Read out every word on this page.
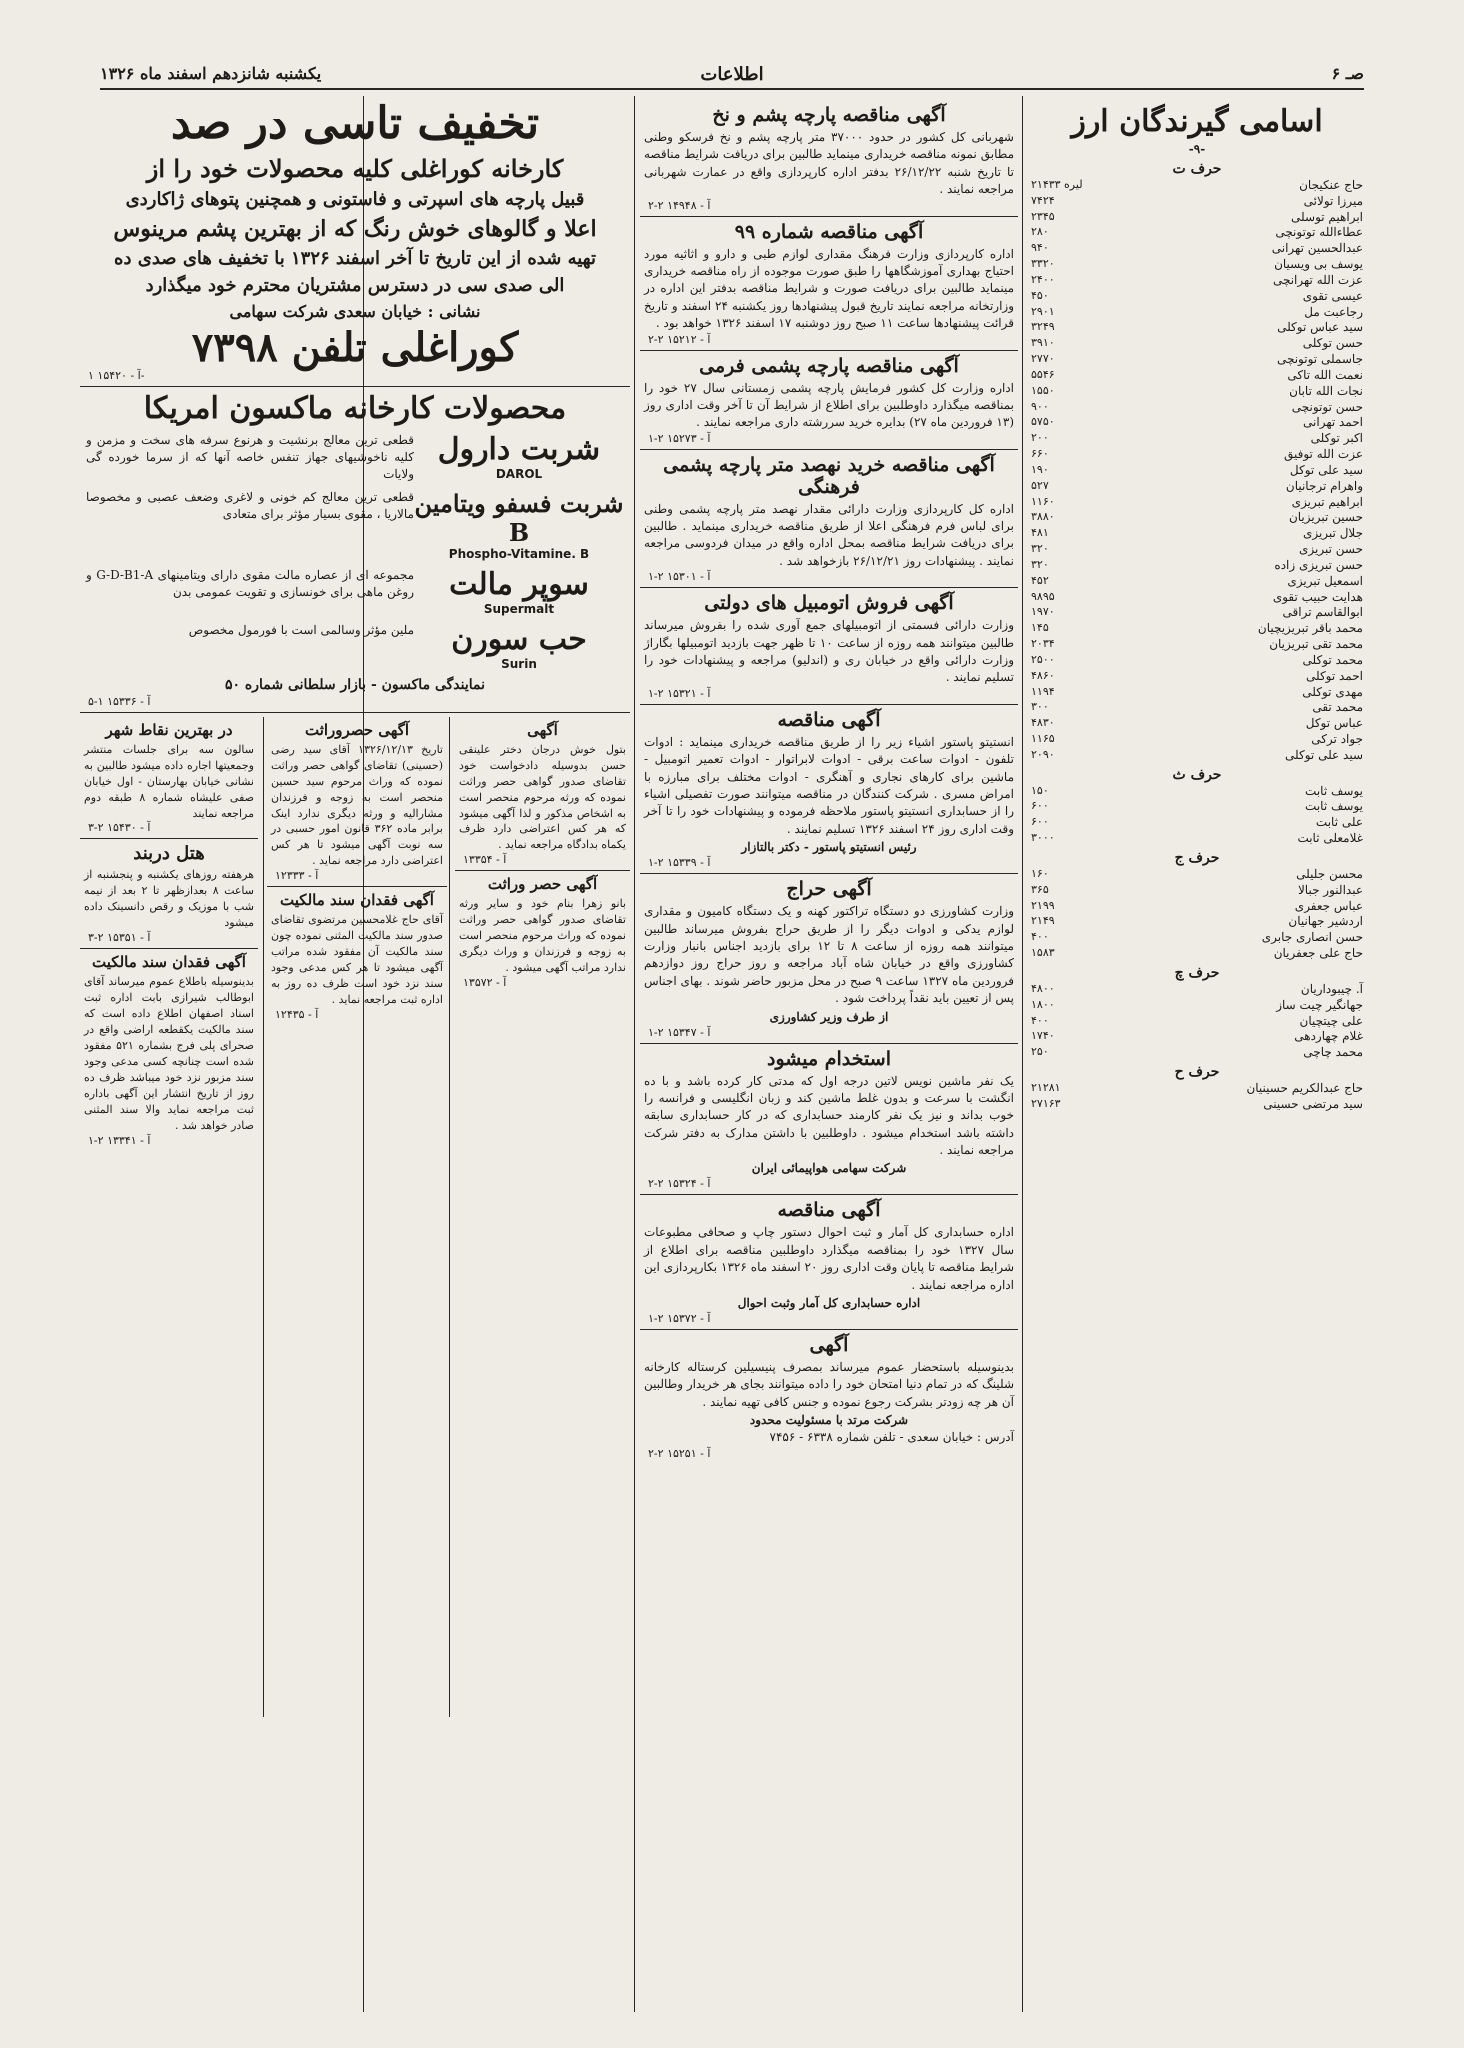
صـ ۶
اطلاعات
یکشنبه شانزدهم اسفند ماه ۱۳۲۶
اسامی گیرندگان ارز
-۹-
حرف ت
حاج عنکیجان
۲۱۴۳۳ لیره
میرزا تولائی
۷۴۲۴
ابراهیم توسلی
۲۳۴۵
عطاءالله توتونچی
۲۸۰
عبدالحسین تهرانی
۹۴۰
یوسف بی ویسیان
۳۳۲۰
عزت الله تهرانچی
۲۴۰۰
عیسی تقوی
۴۵۰
رجاعبت مل
۲۹۰۱
سید عباس توکلی
۳۲۴۹
حسن توکلی
۳۹۱۰
جاسملی توتونچی
۲۷۷۰
نعمت الله تاکی
۵۵۴۶
نجات الله تابان
۱۵۵۰
حسن توتونچی
۹۰۰
احمد تهرانی
۵۷۵۰
اکبر توکلی
۲۰۰
عزت الله توفیق
۶۶۰
سید علی توکل
۱۹۰
واهرام ترجانیان
۵۲۷
ابراهیم تبریزی
۱۱۶۰
حسین تبریزیان
۳۸۸۰
جلال تبریزی
۴۸۱
حسن تبریزی
۳۲۰
حسن تبریزی زاده
۳۲۰
اسمعیل تبریزی
۴۵۲
هدایت حبیب تقوی
۹۸۹۵
ابوالقاسم تراقی
۱۹۷۰
محمد باقر تبریزیچیان
۱۴۵
محمد تقی تبریزیان
۲۰۳۴
محمد توکلی
۲۵۰۰
احمد توکلی
۴۸۶۰
مهدی توکلی
۱۱۹۴
محمد تقی
۳۰۰
عباس توکل
۴۸۳۰
جواد ترکی
۱۱۶۵
سید علی توکلی
۲۰۹۰
حرف ث
یوسف ثابت
۱۵۰
یوسف ثابت
۶۰۰
علی ثابت
۶۰۰
غلامعلی ثابت
۳۰۰۰
حرف ج
محسن جلیلی
۱۶۰
عبدالنور جبالا
۳۶۵
عباس جعفری
۲۱۹۹
اردشیر جهانیان
۲۱۴۹
حسن انصاری جابری
۴۰۰
حاج علی جعفریان
۱۵۸۳
حرف چ
آ. چیبوداریان
۴۸۰۰
جهانگیر چیت ساز
۱۸۰۰
علی چیتچیان
۴۰۰
غلام چهاردهی
۱۷۴۰
محمد چاچی
۲۵۰
حرف ح
حاج عبدالکریم حسینیان
۲۱۲۸۱
سید مرتضی حسینی
۲۷۱۶۳
آگهی مناقصه پارچه پشم و نخ
شهربانی کل کشور در حدود ۳۷۰۰۰ متر پارچه پشم و نخ فرسکو وطنی مطابق نمونه مناقصه خریداری مینماید طالبین برای دریافت شرایط مناقصه تا تاریخ شنبه ۲۶/۱۲/۲۲ بدفتر اداره کارپردازی واقع در عمارت شهربانی مراجعه نمایند .
آ - ۱۴۹۴۸ ۲-۲
آگهی مناقصه شماره ۹۹
اداره کارپردازی وزارت فرهنگ مقداری لوازم طبی و دارو و اثاثیه مورد احتیاج بهداری آموزشگاهها را طبق صورت موجوده از راه مناقصه خریداری مینماید طالبین برای دریافت صورت و شرایط مناقصه بدفتر این اداره در وزارتخانه مراجعه نمایند تاریخ قبول پیشنهادها روز یکشنبه ۲۴ اسفند و تاریخ قرائت پیشنهادها ساعت ۱۱ صبح روز دوشنبه ۱۷ اسفند ۱۳۲۶ خواهد بود .
آ - ۱۵۲۱۲ ۲-۲
آگهی مناقصه پارچه پشمی فرمی
اداره وزارت کل کشور فرمایش پارچه پشمی زمستانی سال ۲۷ خود را بمناقصه میگذارد داوطلبین برای اطلاع از شرایط آن تا آخر وقت اداری روز (۱۳ فروردین ماه ۲۷) بدایره خرید سررشته داری مراجعه نمایند .
آ - ۱۵۲۷۳ ۲-۱
آگهی مناقصه خرید نهصد متر پارچه پشمی فرهنگی
اداره کل کارپردازی وزارت دارائی مقدار نهصد متر پارچه پشمی وطنی برای لباس فرم فرهنگی اعلا از طریق مناقصه خریداری مینماید . طالبین برای دریافت شرایط مناقصه بمحل اداره واقع در میدان فردوسی مراجعه نمایند . پیشنهادات روز ۲۶/۱۲/۲۱ بازخواهد شد .
آ - ۱۵۳۰۱ ۲-۱
آگهی فروش اتومبیل های دولتی
وزارت دارائی فسمتی از اتومبیلهای جمع آوری شده را بفروش میرساند طالبین میتوانند همه روزه از ساعت ۱۰ تا ظهر جهت بازدید اتومبیلها بگاراژ وزارت دارائی واقع در خیابان ری و (اندلیو) مراجعه و پیشنهادات خود را تسلیم نمایند .
آ - ۱۵۳۲۱ ۲-۱
آگهی مناقصه
انستیتو پاستور اشیاء زیر را از طریق مناقصه خریداری مینماید : ادوات تلفون - ادوات ساعت برقی - ادوات لابراتوار - ادوات تعمیر اتومبیل - ماشین برای کارهای نجاری و آهنگری - ادوات مختلف برای مبارزه با امراض مسری . شرکت کنندگان در مناقصه میتوانند صورت تفصیلی اشیاء را از حسابداری انستیتو پاستور ملاحظه فرموده و پیشنهادات خود را تا آخر وقت اداری روز ۲۴ اسفند ۱۳۲۶ تسلیم نمایند .
رئیس انستیتو پاستور - دکتر بالتازار
آ - ۱۵۳۳۹ ۲-۱
آگهی حراج
وزارت کشاورزی دو دستگاه تراکتور کهنه و یک دستگاه کامیون و مقداری لوازم یدکی و ادوات دیگر را از طریق حراج بفروش میرساند طالبین میتوانند همه روزه از ساعت ۸ تا ۱۲ برای بازدید اجناس بانبار وزارت کشاورزی واقع در خیابان شاه آباد مراجعه و روز حراج روز دوازدهم فروردین ماه ۱۳۲۷ ساعت ۹ صبح در محل مزبور حاضر شوند . بهای اجناس پس از تعیین باید نقداً پرداخت شود .
از طرف وزیر کشاورزی
آ - ۱۵۳۴۷ ۲-۱
استخدام میشود
یک نفر ماشین نویس لاتین درجه اول که مدتی کار کرده باشد و با ده انگشت با سرعت و بدون غلط ماشین کند و زبان انگلیسی و فرانسه را خوب بداند و نیز یک نفر کارمند حسابداری که در کار حسابداری سابقه داشته باشد استخدام میشود . داوطلبین با داشتن مدارک به دفتر شرکت مراجعه نمایند .
شرکت سهامی هواپیمائی ایران
آ - ۱۵۳۲۴ ۲-۲
آگهی مناقصه
اداره حسابداری کل آمار و ثبت احوال دستور چاپ و صحافی مطبوعات سال ۱۳۲۷ خود را بمناقصه میگذارد داوطلبین مناقصه برای اطلاع از شرایط مناقصه تا پایان وقت اداری روز ۲۰ اسفند ماه ۱۳۲۶ بکارپردازی این اداره مراجعه نمایند .
اداره حسابداری کل آمار وثبت احوال
آ - ۱۵۳۷۲ ۲-۱
آگهی
بدینوسیله باستحضار عموم میرساند بمصرف پنیسیلین کرستاله کارخانه شلینگ که در تمام دنیا امتحان خود را داده میتوانند بجای هر خریدار وطالبین آن هر چه زودتر بشرکت رجوع نموده و جنس کافی تهیه نمایند .
شرکت مرتد با مسئولیت محدود
آدرس : خیابان سعدی - تلفن شماره ۶۳۳۸ - ۷۴۵۶
آ - ۱۵۲۵۱ ۲-۲
تخفیف تاسی در صد
کارخانه کوراغلی کلیه محصولات خود را از
قبیل پارچه های اسپرتی و فاستونی و همچنین پتوهای ژاکاردی
اعلا و گالوهای خوش رنگ که از بهترین پشم مرینوس
تهیه شده از این تاریخ تا آخر اسفند ۱۳۲۶ با تخفیف های صدی ده
الی صدی سی در دسترس مشتریان محترم خود میگذارد
نشانی : خیابان سعدی شرکت سهامی
کوراغلی تلفن ۷۳۹۸
آ - ۱۵۴۲۰ ۱-
محصولات کارخانه ماکسون امریکا
شربت دارول
DAROL
قطعی ترین معالج برنشیت و هرنوع سرفه های سخت و مزمن و کلیه ناخوشیهای جهاز تنفس خاصه آنها که از سرما خورده گی ولایات
شربت فسفو ویتامین B
Phospho-Vitamine. B
قطعی ترین معالج کم خونی و لاغری وضعف عصبی و مخصوصا مالاریا ، مقوی بسیار مؤثر برای متعادی
سوپر مالت
Supermalt
مجموعه ای از عصاره مالت مقوی دارای ویتامینهای G-D-B1-A و روغن ماهی برای خونسازی و تقویت عمومی بدن
حب سورن
Surin
ملین مؤثر وسالمی است با فورمول مخصوص
نمایندگی ماکسون - بازار سلطانی شماره ۵۰
آ - ۱۵۳۳۶ ۱-۵
آگهی
بتول خوش درجان دختر علینقی حسن بدوسیله دادخواست خود تقاضای صدور گواهی حصر وراثت نموده که ورثه مرحوم منحصر است به اشخاص مذکور و لذا آگهی میشود که هر کس اعتراضی دارد ظرف یکماه بدادگاه مراجعه نماید .
آ - ۱۳۳۵۴
آگهی حصر وراثت
بانو زهرا بنام خود و سایر ورثه تقاضای صدور گواهی حصر وراثت نموده که وراث مرحوم منحصر است به زوجه و فرزندان و وراث دیگری ندارد مراتب آگهی میشود .
آ - ۱۳۵۷۲
آگهی حصروراثت
تاریخ ۱۳۲۶/۱۲/۱۳ آقای سید رضی (حسینی) تقاضای گواهی حصر وراثت نموده که وراث مرحوم سید حسین منحصر است به زوجه و فرزندان مشارالیه و ورثه دیگری ندارد اینک برابر ماده ۳۶۲ قانون امور حسبی در سه نوبت آگهی میشود تا هر کس اعتراضی دارد مراجعه نماید .
آ - ۱۲۳۳۳
آگهی فقدان سند مالکیت
آقای حاج غلامحسین مرتضوی تقاضای صدور سند مالکیت المثنی نموده چون سند مالکیت آن مفقود شده مراتب آگهی میشود تا هر کس مدعی وجود سند نزد خود است ظرف ده روز به اداره ثبت مراجعه نماید .
آ - ۱۲۴۳۵
در بهترین نقاط شهر
سالون سه برای جلسات منتشر وجمعیتها اجاره داده میشود طالبین به نشانی خیابان بهارستان - اول خیابان صفی علیشاه شماره ۸ طبقه دوم مراجعه نمایند
آ - ۱۵۴۳۰ ۲-۳
هتل دربند
هرهفته روزهای یکشنبه و پنجشنبه از ساعت ۸ بعدازظهر تا ۲ بعد از نیمه شب با موزیک و رقص دانسینک داده میشود
آ - ۱۵۳۵۱ ۲-۳
آگهی فقدان سند مالکیت
بدینوسیله باطلاع عموم میرساند آقای ابوطالب شیرازی بابت اداره ثبت اسناد اصفهان اطلاع داده است که سند مالکیت یکقطعه اراضی واقع در صحرای پلی فرج بشماره ۵۲۱ مفقود شده است چنانچه کسی مدعی وجود سند مزبور نزد خود میباشد ظرف ده روز از تاریخ انتشار این آگهی باداره ثبت مراجعه نماید والا سند المثنی صادر خواهد شد .
آ - ۱۳۳۴۱ ۲-۱
